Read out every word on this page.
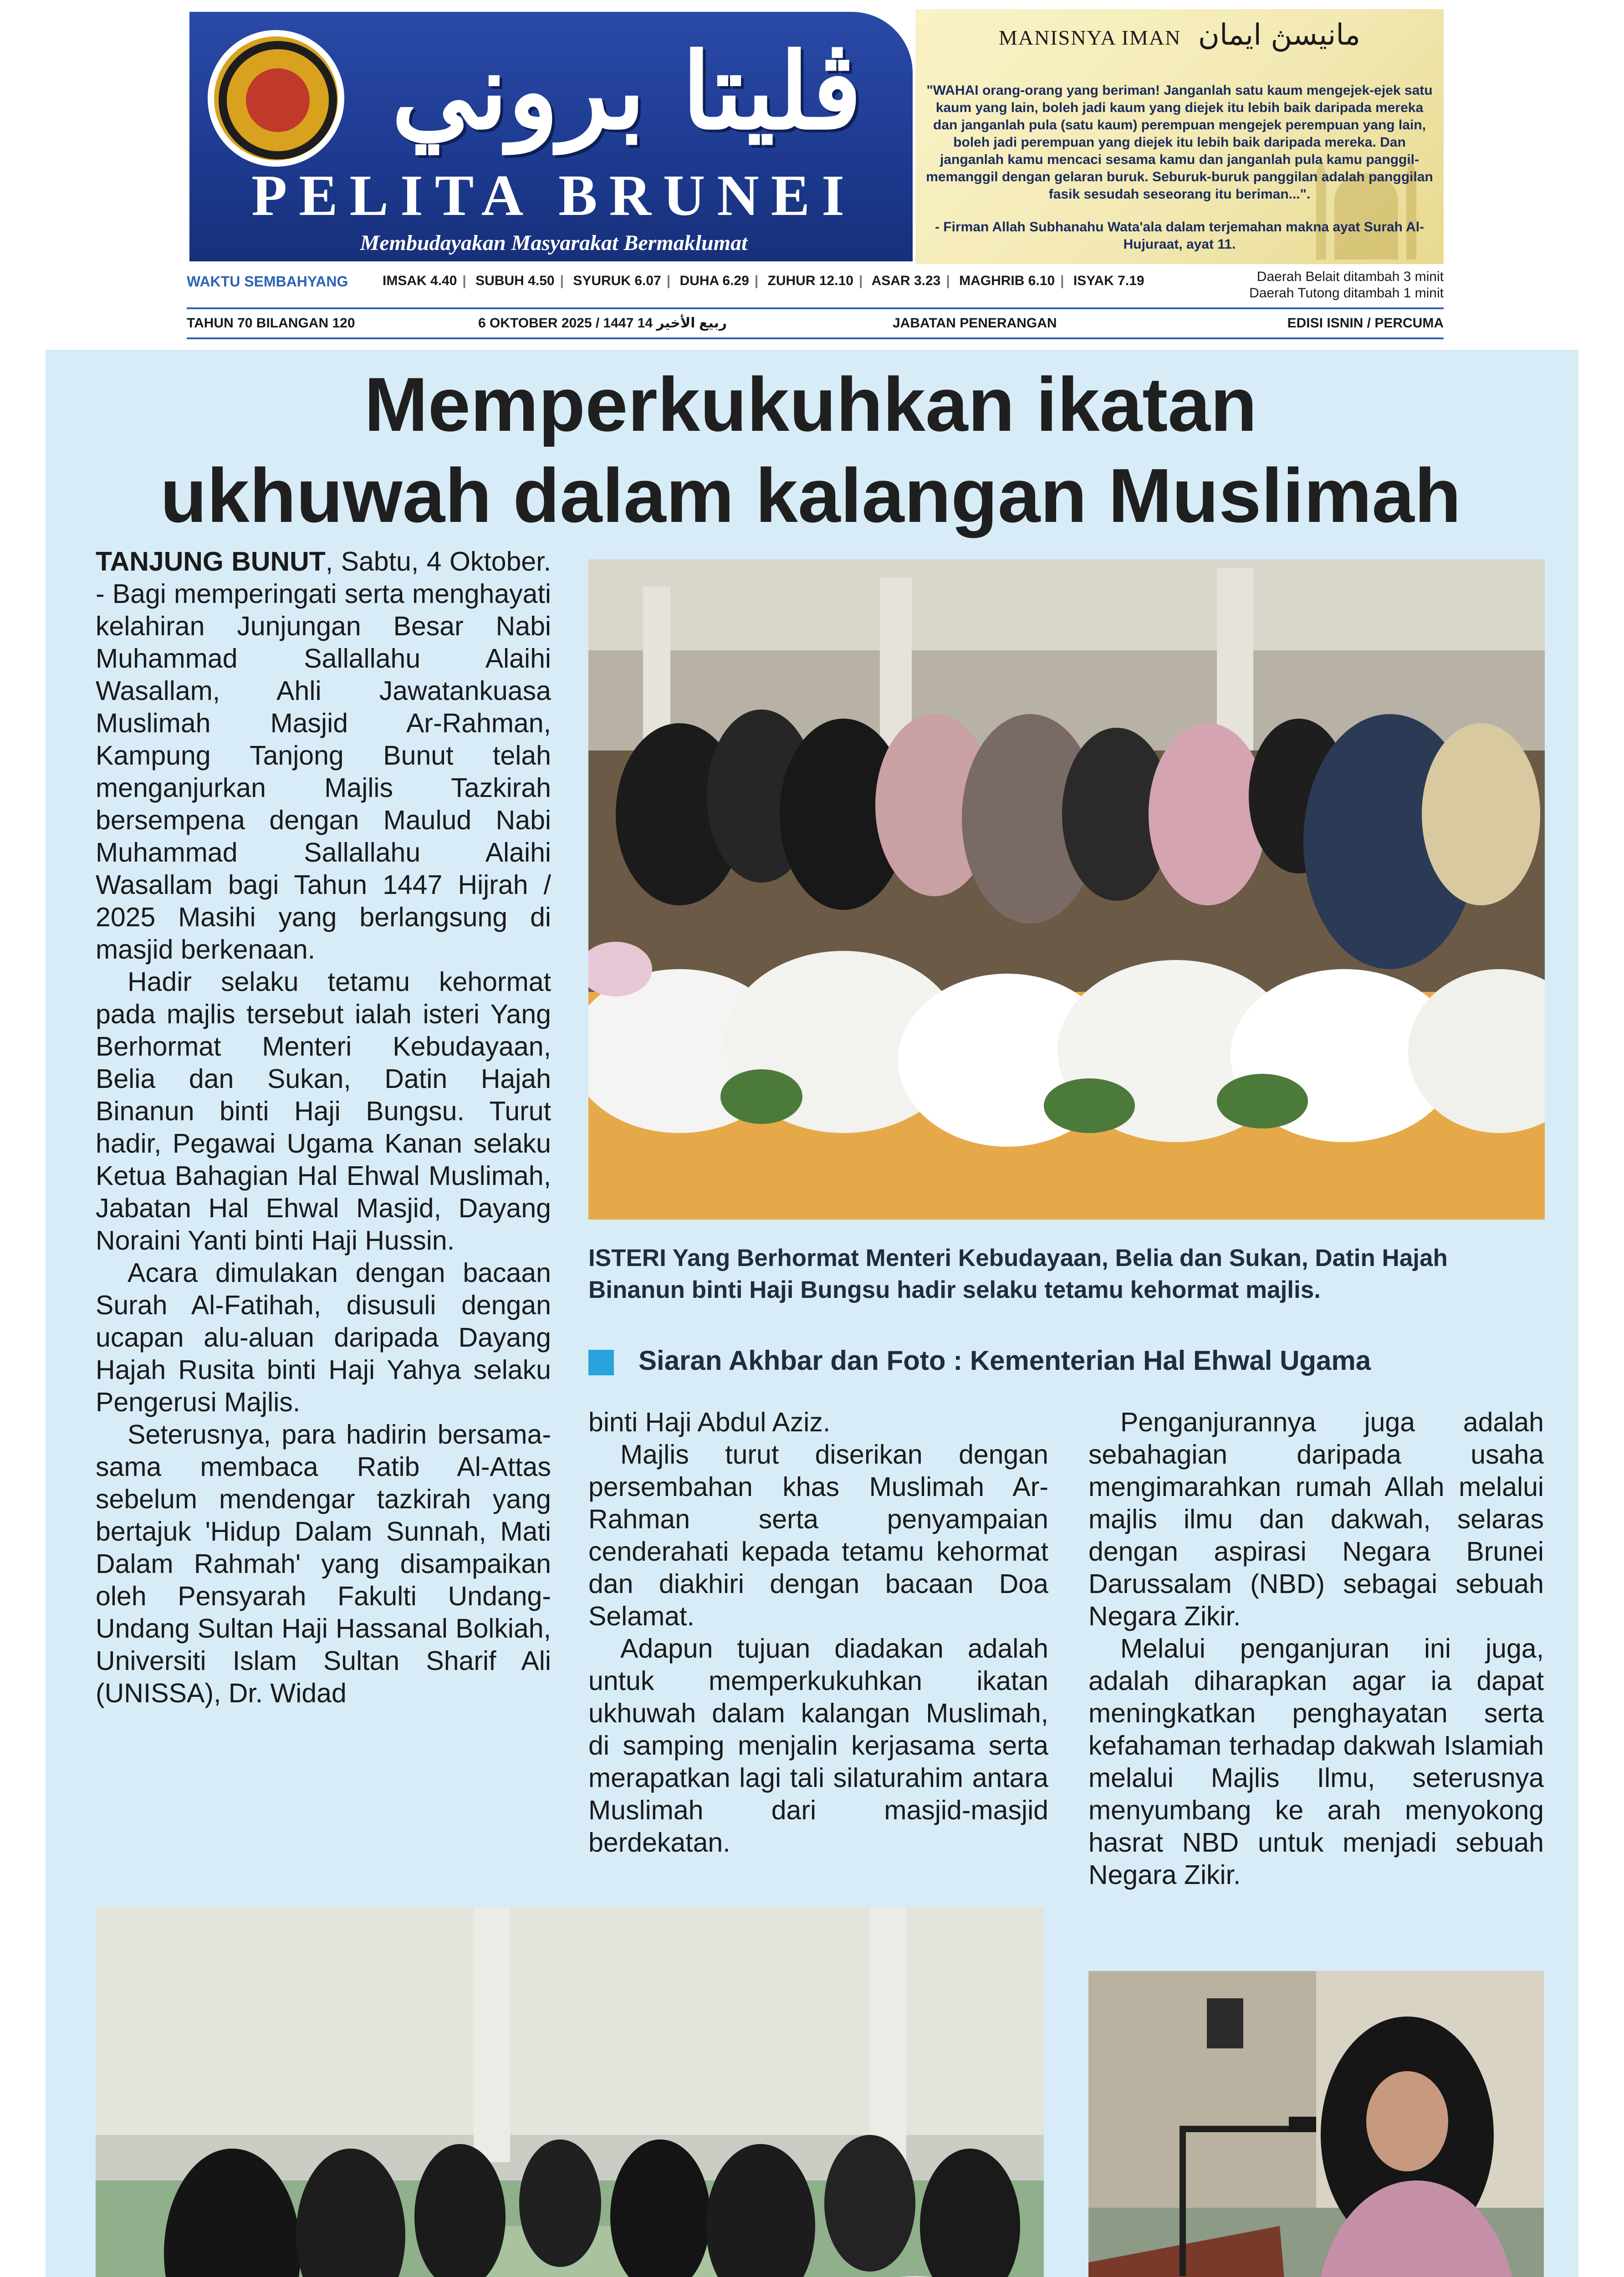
ڤليتا بروني
PELITA BRUNEI
Membudayakan Masyarakat Bermaklumat
MANISNYA IMAN مانيسڽ ايمان
"WAHAI orang-orang yang beriman! Janganlah satu kaum mengejek-ejek satu kaum yang lain, boleh jadi kaum yang diejek itu lebih baik daripada mereka dan janganlah pula (satu kaum) perempuan mengejek perempuan yang lain, boleh jadi perempuan yang diejek itu lebih baik daripada mereka. Dan janganlah kamu mencaci sesama kamu dan janganlah pula kamu panggil-memanggil dengan gelaran buruk. Seburuk-buruk panggilan adalah panggilan fasik sesudah seseorang itu beriman...".
- Firman Allah Subhanahu Wata'ala dalam terjemahan makna ayat Surah Al-Hujuraat, ayat 11.
WAKTU SEMBAHYANG	IMSAK 4.40 | SUBUH 4.50 | SYURUK 6.07 | DUHA 6.29 | ZUHUR 12.10 | ASAR 3.23 | MAGHRIB 6.10 | ISYAK 7.19	Daerah Belait ditambah 3 minit
Daerah Tutong ditambah 1 minit
TAHUN 70 BILANGAN 120	6 OKTOBER 2025 / 1447 ربيع الأخير 14	JABATAN PENERANGAN	EDISI ISNIN / PERCUMA
Memperkukuhkan ikatan
ukhuwah dalam kalangan Muslimah

TANJUNG BUNUT, Sabtu, 4 Oktober. - Bagi memperingati serta menghayati kelahiran Junjungan Besar Nabi Muhammad Sallallahu Alaihi Wasallam, Ahli Jawatankuasa Muslimah Masjid Ar-Rahman, Kampung Tanjong Bunut telah menganjurkan Majlis Tazkirah bersempena dengan Maulud Nabi Muhammad Sallallahu Alaihi Wasallam bagi Tahun 1447 Hijrah / 2025 Masihi yang berlangsung di masjid berkenaan.

Hadir selaku tetamu kehormat pada majlis tersebut ialah isteri Yang Berhormat Menteri Kebudayaan, Belia dan Sukan, Datin Hajah Binanun binti Haji Bungsu. Turut hadir, Pegawai Ugama Kanan selaku Ketua Bahagian Hal Ehwal Muslimah, Jabatan Hal Ehwal Masjid, Dayang Noraini Yanti binti Haji Hussin.

Acara dimulakan dengan bacaan Surah Al-Fatihah, disusuli dengan ucapan alu-aluan daripada Dayang Hajah Rusita binti Haji Yahya selaku Pengerusi Majlis.

Seterusnya, para hadirin bersama-sama membaca Ratib Al-Attas sebelum mendengar tazkirah yang bertajuk 'Hidup Dalam Sunnah, Mati Dalam Rahmah' yang disampaikan oleh Pensyarah Fakulti Undang-Undang Sultan Haji Hassanal Bolkiah, Universiti Islam Sultan Sharif Ali (UNISSA), Dr. Widad

ISTERI Yang Berhormat Menteri Kebudayaan, Belia dan Sukan, Datin Hajah Binanun binti Haji Bungsu hadir selaku tetamu kehormat majlis.
Siaran Akhbar dan Foto : Kementerian Hal Ehwal Ugama

binti Haji Abdul Aziz.

Majlis turut diserikan dengan persembahan khas Muslimah Ar-Rahman serta penyampaian cenderahati kepada tetamu kehormat dan diakhiri dengan bacaan Doa Selamat.

Adapun tujuan diadakan adalah untuk memperkukuhkan ikatan ukhuwah dalam kalangan Muslimah, di samping menjalin kerjasama serta merapatkan lagi tali silaturahim antara Muslimah dari masjid-masjid berdekatan.

Penganjurannya juga adalah sebahagian daripada usaha mengimarahkan rumah Allah melalui majlis ilmu dan dakwah, selaras dengan aspirasi Negara Brunei Darussalam (NBD) sebagai sebuah Negara Zikir.

Melalui penganjuran ini juga, adalah diharapkan agar ia dapat meningkatkan penghayatan serta kefahaman terhadap dakwah Islamiah melalui Majlis Ilmu, seterusnya menyumbang ke arah menyokong hasrat NBD untuk menjadi sebuah Negara Zikir.
